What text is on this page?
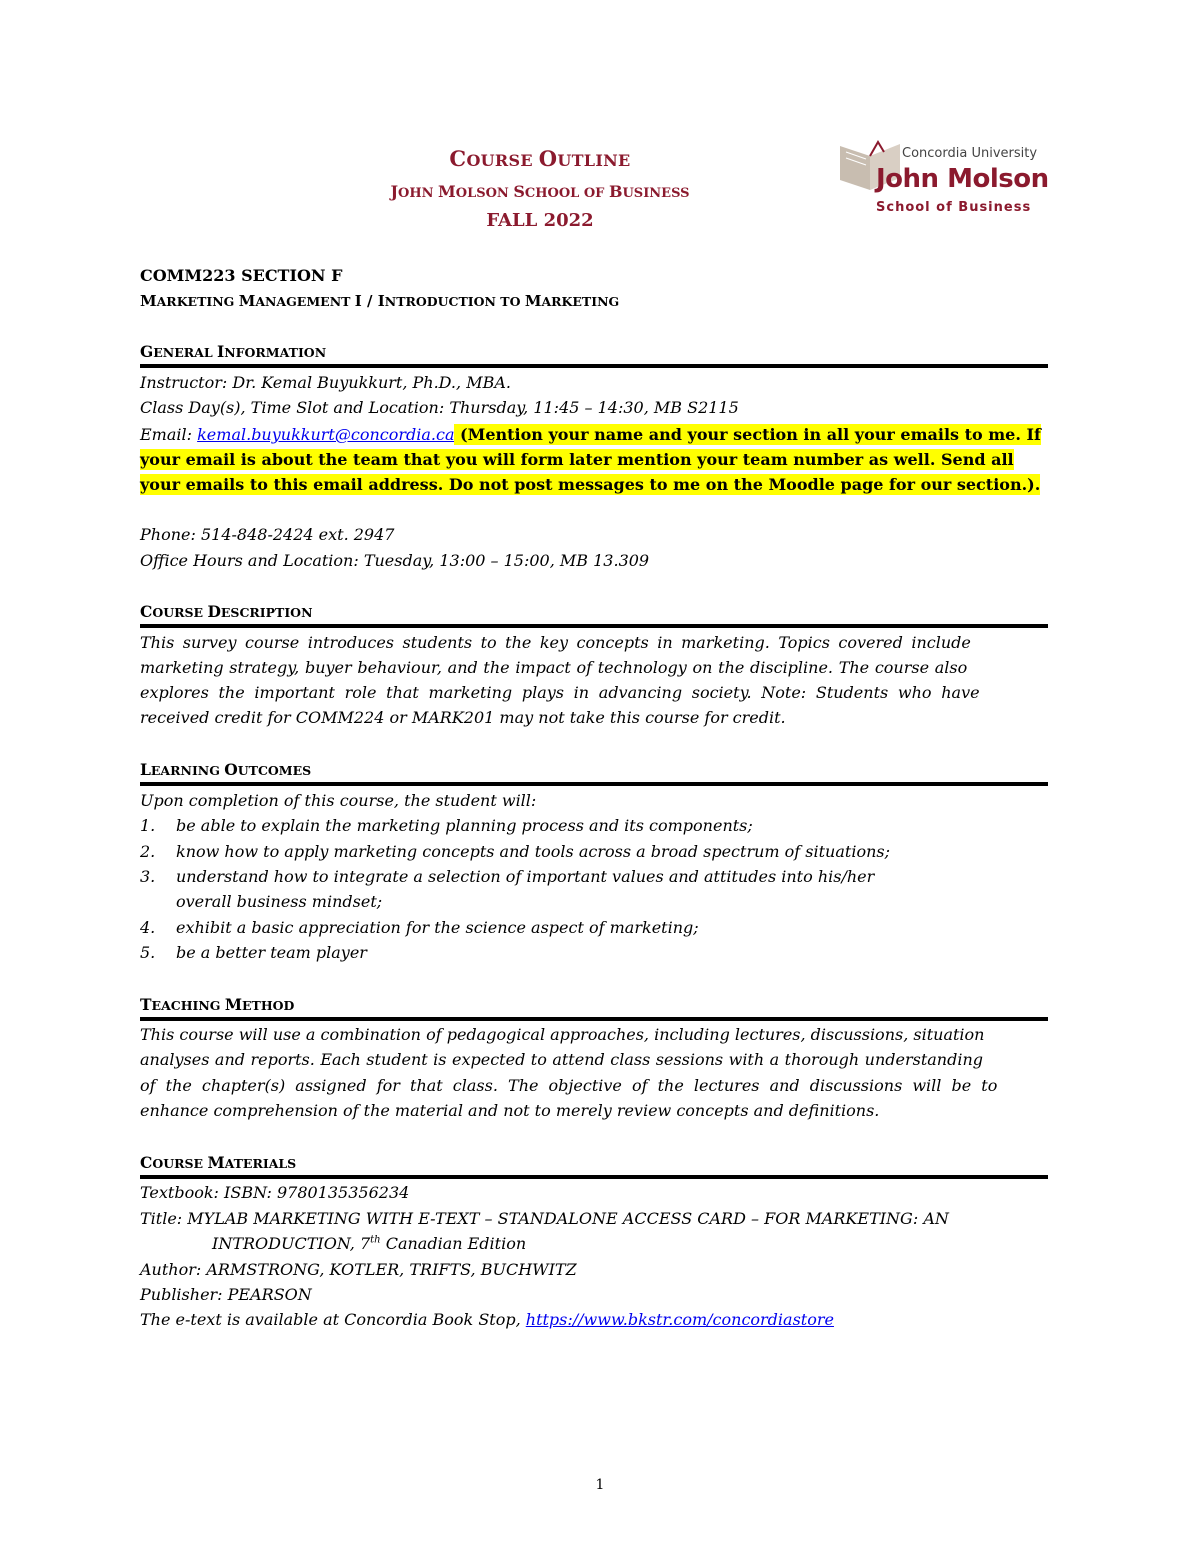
COURSE OUTLINE
JOHN MOLSON SCHOOL OF BUSINESS
FALL 2022
Concordia University
John Molson
School of Business
COMM223 SECTION F
MARKETING MANAGEMENT I / INTRODUCTION TO MARKETING
GENERAL INFORMATION
Instructor: Dr. Kemal Buyukkurt, Ph.D., MBA.
Class Day(s), Time Slot and Location: Thursday, 11:45 – 14:30, MB S2115
Email: kemal.buyukkurt@concordia.ca (Mention your name and your section in all your emails to me. If your email is about the team that you will form later mention your team number as well. Send all your emails to this email address. Do not post messages to me on the Moodle page for our section.).
Phone: 514-848-2424 ext. 2947
Office Hours and Location: Tuesday, 13:00 – 15:00, MB 13.309
COURSE DESCRIPTION
This survey course introduces students to the key concepts in marketing. Topics covered include
marketing strategy, buyer behaviour, and the impact of technology on the discipline. The course also
explores the important role that marketing plays in advancing society. Note: Students who have
received credit for COMM224 or MARK201 may not take this course for credit.
LEARNING OUTCOMES
Upon completion of this course, the student will:
1. be able to explain the marketing planning process and its components;
2. know how to apply marketing concepts and tools across a broad spectrum of situations;
3. understand how to integrate a selection of important values and attitudes into his/her
overall business mindset;
4. exhibit a basic appreciation for the science aspect of marketing;
5. be a better team player
TEACHING METHOD
This course will use a combination of pedagogical approaches, including lectures, discussions, situation
analyses and reports. Each student is expected to attend class sessions with a thorough understanding
of the chapter(s) assigned for that class. The objective of the lectures and discussions will be to
enhance comprehension of the material and not to merely review concepts and definitions.
COURSE MATERIALS
Textbook: ISBN: 9780135356234
Title: MYLAB MARKETING WITH E-TEXT – STANDALONE ACCESS CARD – FOR MARKETING: AN
INTRODUCTION, 7th Canadian Edition
Author: ARMSTRONG, KOTLER, TRIFTS, BUCHWITZ
Publisher: PEARSON
The e-text is available at Concordia Book Stop, https://www.bkstr.com/concordiastore
1
